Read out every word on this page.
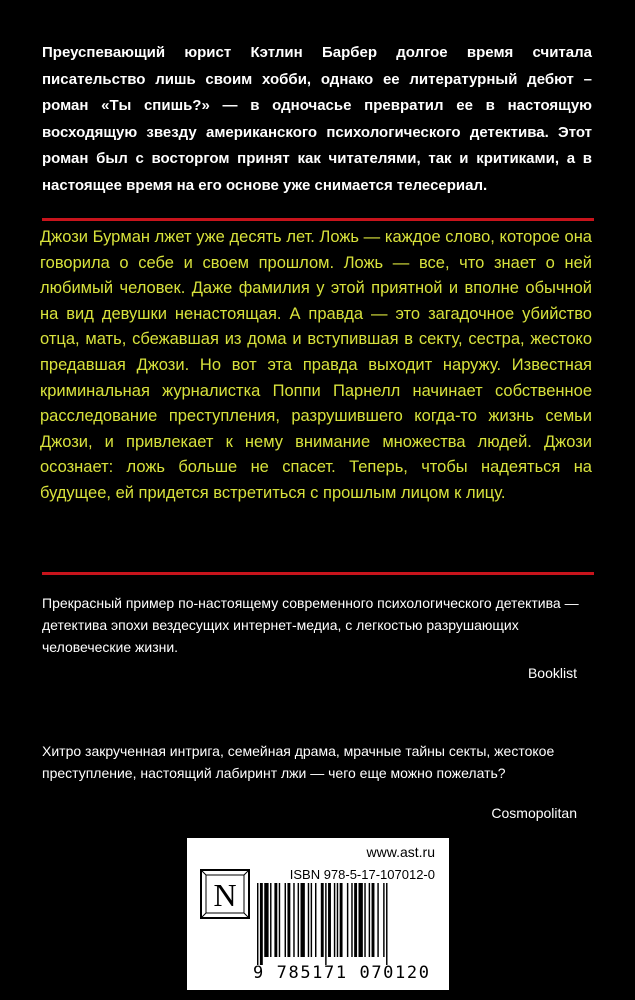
Преуспевающий юрист Кэтлин Барбер долгое время считала писательство лишь своим хобби, однако ее литературный дебют – роман «Ты спишь?» — в одночасье превратил ее в настоящую восходящую звезду американского психологического детектива. Этот роман был с восторгом принят как читателями, так и критиками, а в настоящее время на его основе уже снимается телесериал.

Джози Бурман лжет уже десять лет. Ложь — каждое слово, которое она говорила о себе и своем прошлом. Ложь — все, что знает о ней любимый человек. Даже фамилия у этой приятной и вполне обычной на вид девушки ненастоящая. А правда — это загадочное убийство отца, мать, сбежавшая из дома и вступившая в секту, сестра, жестоко предавшая Джози. Но вот эта правда выходит наружу. Известная криминальная журналистка Поппи Парнелл начинает собственное расследование преступления, разрушившего когда-то жизнь семьи Джози, и привлекает к нему внимание множества людей. Джози осознает: ложь больше не спасет. Теперь, чтобы надеяться на будущее, ей придется встретиться с прошлым лицом к лицу.

Прекрасный пример по-настоящему современного психологического детектива — детектива эпохи вездесущих интернет-медиа, с легкостью разрушающих человеческие жизни.

Booklist

Хитро закрученная интрига, семейная драма, мрачные тайны секты, жестокое преступление, настоящий лабиринт лжи — чего еще можно пожелать?

Cosmopolitan

www.ast.ru

ISBN 978-5-17-107012-0

N

9 785171 070120
